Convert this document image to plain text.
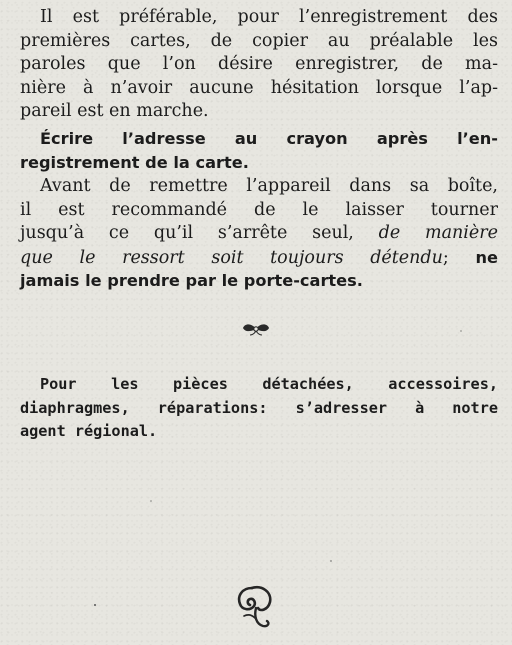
Il est préférable, pour l’enregistrement des
premières cartes, de copier au préalable les
paroles que l’on désire enregistrer, de ma-
nière à n’avoir aucune hésitation lorsque l’ap-
pareil est en marche.
Écrire l’adresse au crayon après l’en-
registrement de la carte.
Avant de remettre l’appareil dans sa boîte,
il est recommandé de le laisser tourner
jusqu’à ce qu’il s’arrête seul, de manière
que le ressort soit toujours détendu; ne
jamais le prendre par le porte-cartes.
Pour les pièces détachées, accessoires,
diaphragmes, réparations: s’adresser à notre
agent régional.
